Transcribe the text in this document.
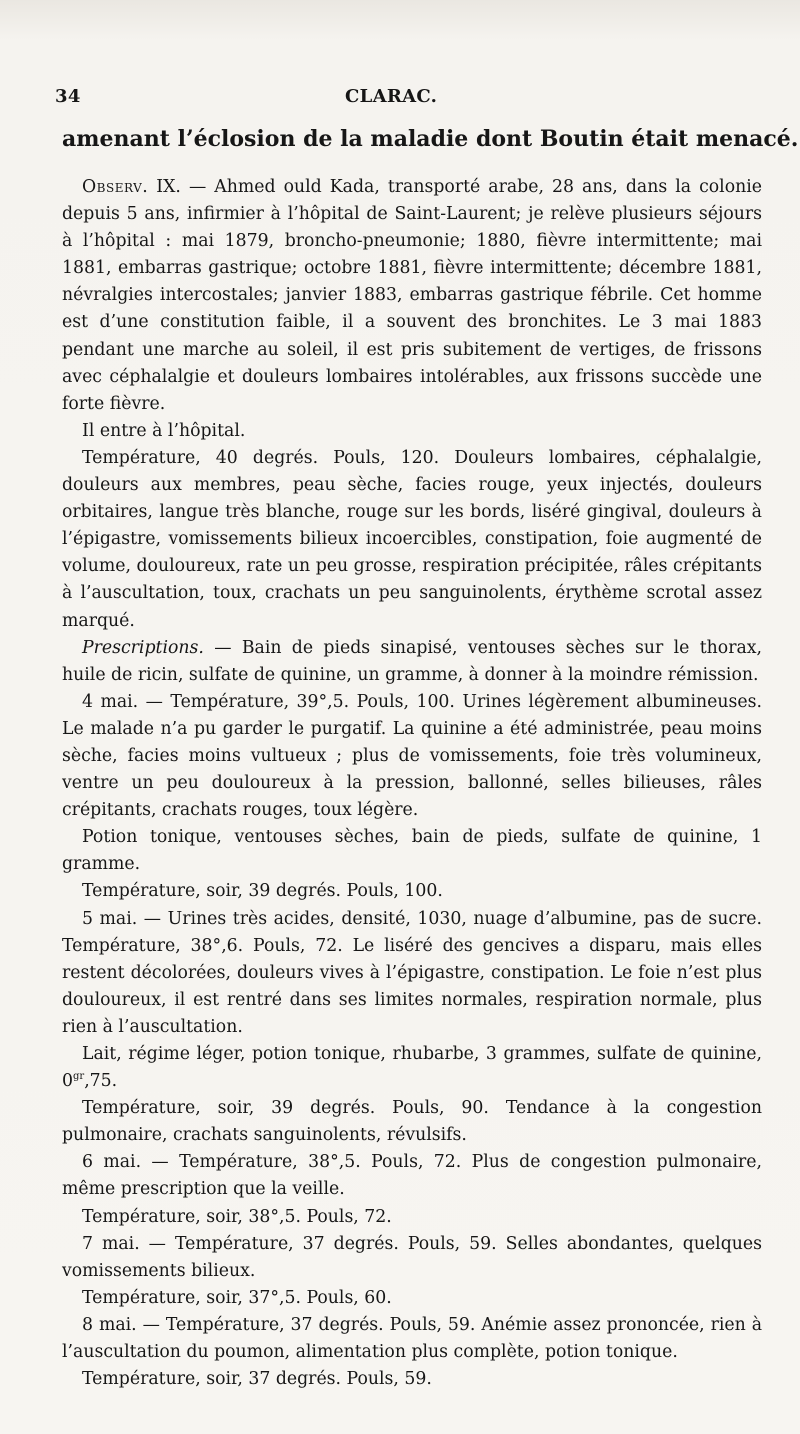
34	CLARAC.
amenant l’éclosion de la maladie dont Boutin était menacé.

Observ. IX. — Ahmed ould Kada, transporté arabe, 28 ans, dans la colonie depuis 5 ans, infirmier à l’hôpital de Saint-Laurent; je relève plusieurs séjours à l’hôpital : mai 1879, broncho-pneumonie; 1880, fièvre intermittente; mai 1881, embarras gastrique; octobre 1881, fièvre intermittente; décembre 1881, névralgies intercostales; janvier 1883, embarras gastrique fébrile. Cet homme est d’une constitution faible, il a souvent des bronchites. Le 3 mai 1883 pendant une marche au soleil, il est pris subitement de vertiges, de frissons avec céphalalgie et douleurs lombaires intolérables, aux frissons succède une forte fièvre.

Il entre à l’hôpital.

Température, 40 degrés. Pouls, 120. Douleurs lombaires, céphalalgie, douleurs aux membres, peau sèche, facies rouge, yeux injectés, douleurs orbitaires, langue très blanche, rouge sur les bords, liséré gingival, douleurs à l’épigastre, vomissements bilieux incoercibles, constipation, foie augmenté de volume, douloureux, rate un peu grosse, respiration précipitée, râles crépitants à l’auscultation, toux, crachats un peu sanguinolents, érythème scrotal assez marqué.

Prescriptions. — Bain de pieds sinapisé, ventouses sèches sur le thorax, huile de ricin, sulfate de quinine, un gramme, à donner à la moindre rémission.

4 mai. — Température, 39°,5. Pouls, 100. Urines légèrement albumineuses. Le malade n’a pu garder le purgatif. La quinine a été administrée, peau moins sèche, facies moins vultueux ; plus de vomissements, foie très volumineux, ventre un peu douloureux à la pression, ballonné, selles bilieuses, râles crépitants, crachats rouges, toux légère.

Potion tonique, ventouses sèches, bain de pieds, sulfate de quinine, 1 gramme.

Température, soir, 39 degrés. Pouls, 100.

5 mai. — Urines très acides, densité, 1030, nuage d’albumine, pas de sucre. Température, 38°,6. Pouls, 72. Le liséré des gencives a disparu, mais elles restent décolorées, douleurs vives à l’épigastre, constipation. Le foie n’est plus douloureux, il est rentré dans ses limites normales, respiration normale, plus rien à l’auscultation.

Lait, régime léger, potion tonique, rhubarbe, 3 grammes, sulfate de quinine, $0^{gr},75$.

Température, soir, 39 degrés. Pouls, 90. Tendance à la congestion pulmonaire, crachats sanguinolents, révulsifs.

6 mai. — Température, 38°,5. Pouls, 72. Plus de congestion pulmonaire, même prescription que la veille.

Température, soir, 38°,5. Pouls, 72.

7 mai. — Température, 37 degrés. Pouls, 59. Selles abondantes, quelques vomissements bilieux.

Température, soir, 37°,5. Pouls, 60.

8 mai. — Température, 37 degrés. Pouls, 59. Anémie assez prononcée, rien à l’auscultation du poumon, alimentation plus complète, potion tonique.

Température, soir, 37 degrés. Pouls, 59.
